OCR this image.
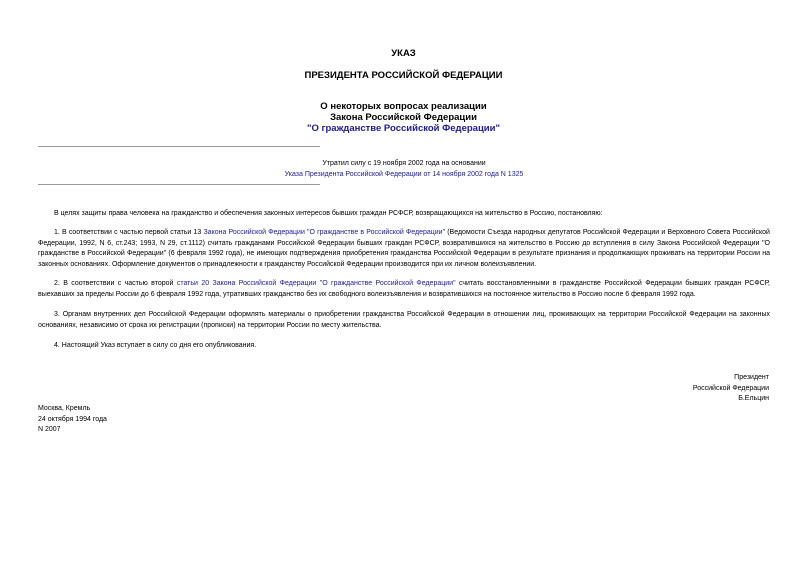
УКАЗ
ПРЕЗИДЕНТА РОССИЙСКОЙ ФЕДЕРАЦИИ
О некоторых вопросах реализации
Закона Российской Федерации
"О гражданстве Российской Федерации"
Утратил силу с 19 ноября 2002 года на основании
Указа Президента Российской Федерации от 14 ноября 2002 года N 1325
В целях защиты права человека на гражданство и обеспечения законных интересов бывших граждан РСФСР, возвращающихся на жительство в Россию, постановляю:
1. В соответствии с частью первой статьи 13 Закона Российской Федерации "О гражданстве в Российской Федерации" (Ведомости Съезда народных депутатов Российской Федерации и Верховного Совета Российской Федерации, 1992, N 6, ст.243; 1993, N 29, ст.1112) считать гражданами Российской Федерации бывших граждан РСФСР, возвратившихся на жительство в Россию до вступления в силу Закона Российской Федерации "О гражданстве в Российской Федерации" (6 февраля 1992 года), не имеющих подтверждения приобретения гражданства Российской Федерации в результате признания и продолжающих проживать на территории России на законных основаниях. Оформление документов о принадлежности к гражданству Российской Федерации производится при их личном волеизъявлении.
2. В соответствии с частью второй статьи 20 Закона Российской Федерации "О гражданстве Российской Федерации" считать восстановленными в гражданстве Российской Федерации бывших граждан РСФСР, выехавших за пределы России до 6 февраля 1992 года, утративших гражданство без их свободного волеизъявления и возвратившихся на постоянное жительство в Россию после 6 февраля 1992 года.
3. Органам внутренних дел Российской Федерации оформлять материалы о приобретении гражданства Российской Федерации в отношении лиц, проживающих на территории Российской Федерации на законных основаниях, независимо от срока их регистрации (прописки) на территории России по месту жительства.
4. Настоящий Указ вступает в силу со дня его опубликования.
Президент
Российской Федерации
Б.Ельцин
Москва, Кремль
24 октября 1994 года
N 2007
